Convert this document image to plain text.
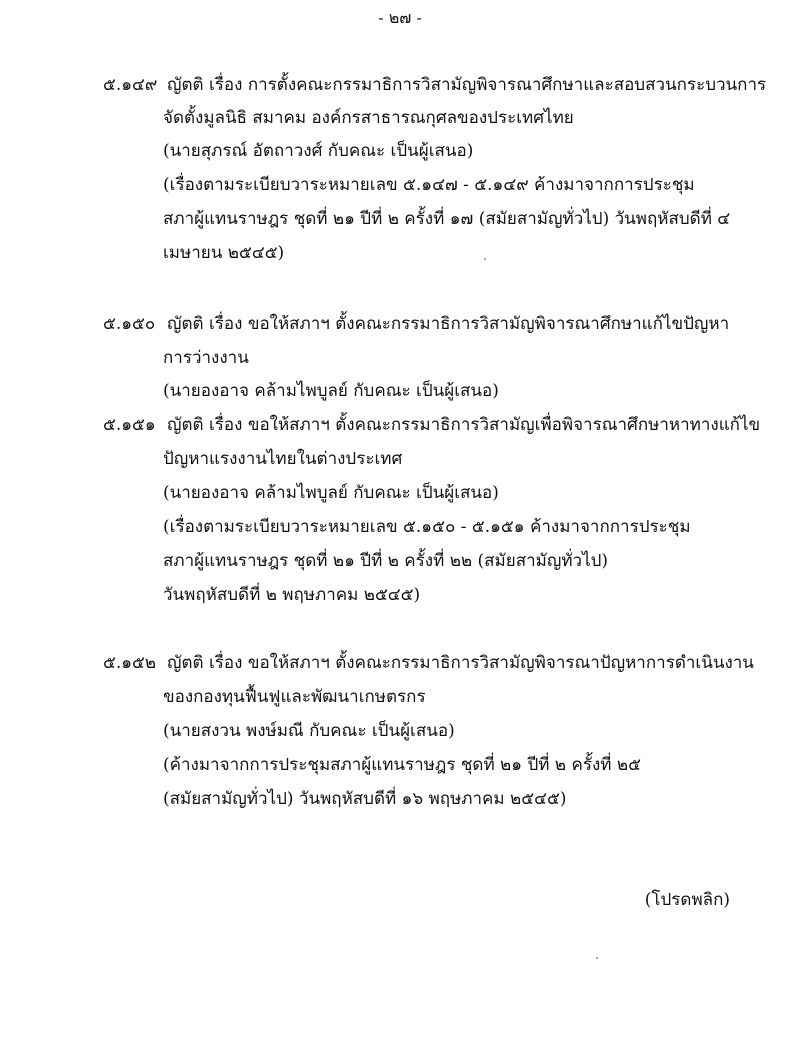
- ๒๗ -
๕.๑๔๙ ญัตติ เรื่อง การตั้งคณะกรรมาธิการวิสามัญพิจารณาศึกษาและสอบสวนกระบวนการ
จัดตั้งมูลนิธิ สมาคม องค์กรสาธารณกุศลของประเทศไทย
(นายสุภรณ์ อัตถาวงศ์ กับคณะ เป็นผู้เสนอ)
(เรื่องตามระเบียบวาระหมายเลข ๕.๑๔๗ - ๕.๑๔๙ ค้างมาจากการประชุม
สภาผู้แทนราษฎร ชุดที่ ๒๑ ปีที่ ๒ ครั้งที่ ๑๗ (สมัยสามัญทั่วไป) วันพฤหัสบดีที่ ๔
เมษายน ๒๕๔๕)
๕.๑๕๐ ญัตติ เรื่อง ขอให้สภาฯ ตั้งคณะกรรมาธิการวิสามัญพิจารณาศึกษาแก้ไขปัญหา
การว่างงาน
(นายองอาจ คล้ามไพบูลย์ กับคณะ เป็นผู้เสนอ)
๕.๑๕๑ ญัตติ เรื่อง ขอให้สภาฯ ตั้งคณะกรรมาธิการวิสามัญเพื่อพิจารณาศึกษาหาทางแก้ไข
ปัญหาแรงงานไทยในต่างประเทศ
(นายองอาจ คล้ามไพบูลย์ กับคณะ เป็นผู้เสนอ)
(เรื่องตามระเบียบวาระหมายเลข ๕.๑๕๐ - ๕.๑๕๑ ค้างมาจากการประชุม
สภาผู้แทนราษฎร ชุดที่ ๒๑ ปีที่ ๒ ครั้งที่ ๒๒ (สมัยสามัญทั่วไป)
วันพฤหัสบดีที่ ๒ พฤษภาคม ๒๕๔๕)
๕.๑๕๒ ญัตติ เรื่อง ขอให้สภาฯ ตั้งคณะกรรมาธิการวิสามัญพิจารณาปัญหาการดำเนินงาน
ของกองทุนฟื้นฟูและพัฒนาเกษตรกร
(นายสงวน พงษ์มณี กับคณะ เป็นผู้เสนอ)
(ค้างมาจากการประชุมสภาผู้แทนราษฎร ชุดที่ ๒๑ ปีที่ ๒ ครั้งที่ ๒๕
(สมัยสามัญทั่วไป) วันพฤหัสบดีที่ ๑๖ พฤษภาคม ๒๕๔๕)
(โปรดพลิก)
